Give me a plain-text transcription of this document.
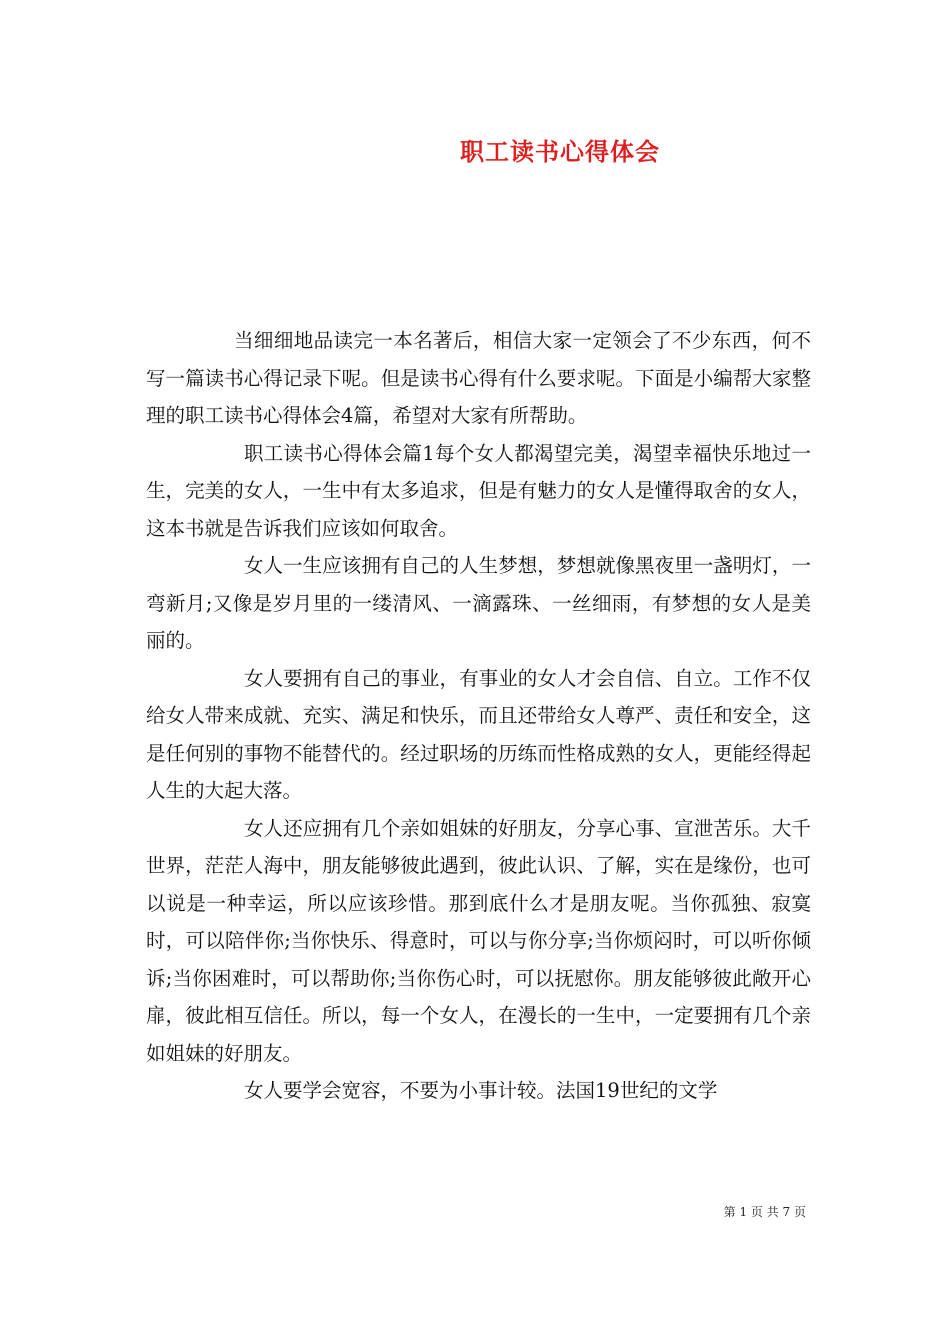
职工读书心得体会

当细细地品读完一本名著后，相信大家一定领会了不少东西，何不写一篇读书心得记录下呢。但是读书心得有什么要求呢。下面是小编帮大家整理的职工读书心得体会4篇，希望对大家有所帮助。

职工读书心得体会篇1每个女人都渴望完美，渴望幸福快乐地过一生，完美的女人，一生中有太多追求，但是有魅力的女人是懂得取舍的女人，这本书就是告诉我们应该如何取舍。

女人一生应该拥有自己的人生梦想，梦想就像黑夜里一盏明灯，一弯新月;又像是岁月里的一缕清风、一滴露珠、一丝细雨，有梦想的女人是美丽的。

女人要拥有自己的事业，有事业的女人才会自信、自立。工作不仅给女人带来成就、充实、满足和快乐，而且还带给女人尊严、责任和安全，这是任何别的事物不能替代的。经过职场的历练而性格成熟的女人，更能经得起人生的大起大落。

女人还应拥有几个亲如姐妹的好朋友，分享心事、宣泄苦乐。大千世界，茫茫人海中，朋友能够彼此遇到，彼此认识、了解，实在是缘份，也可以说是一种幸运，所以应该珍惜。那到底什么才是朋友呢。当你孤独、寂寞时，可以陪伴你;当你快乐、得意时，可以与你分享;当你烦闷时，可以听你倾诉;当你困难时，可以帮助你;当你伤心时，可以抚慰你。朋友能够彼此敞开心扉，彼此相互信任。所以，每一个女人，在漫长的一生中，一定要拥有几个亲如姐妹的好朋友。

女人要学会宽容，不要为小事计较。法国19世纪的文学

第 1 页 共 7 页
